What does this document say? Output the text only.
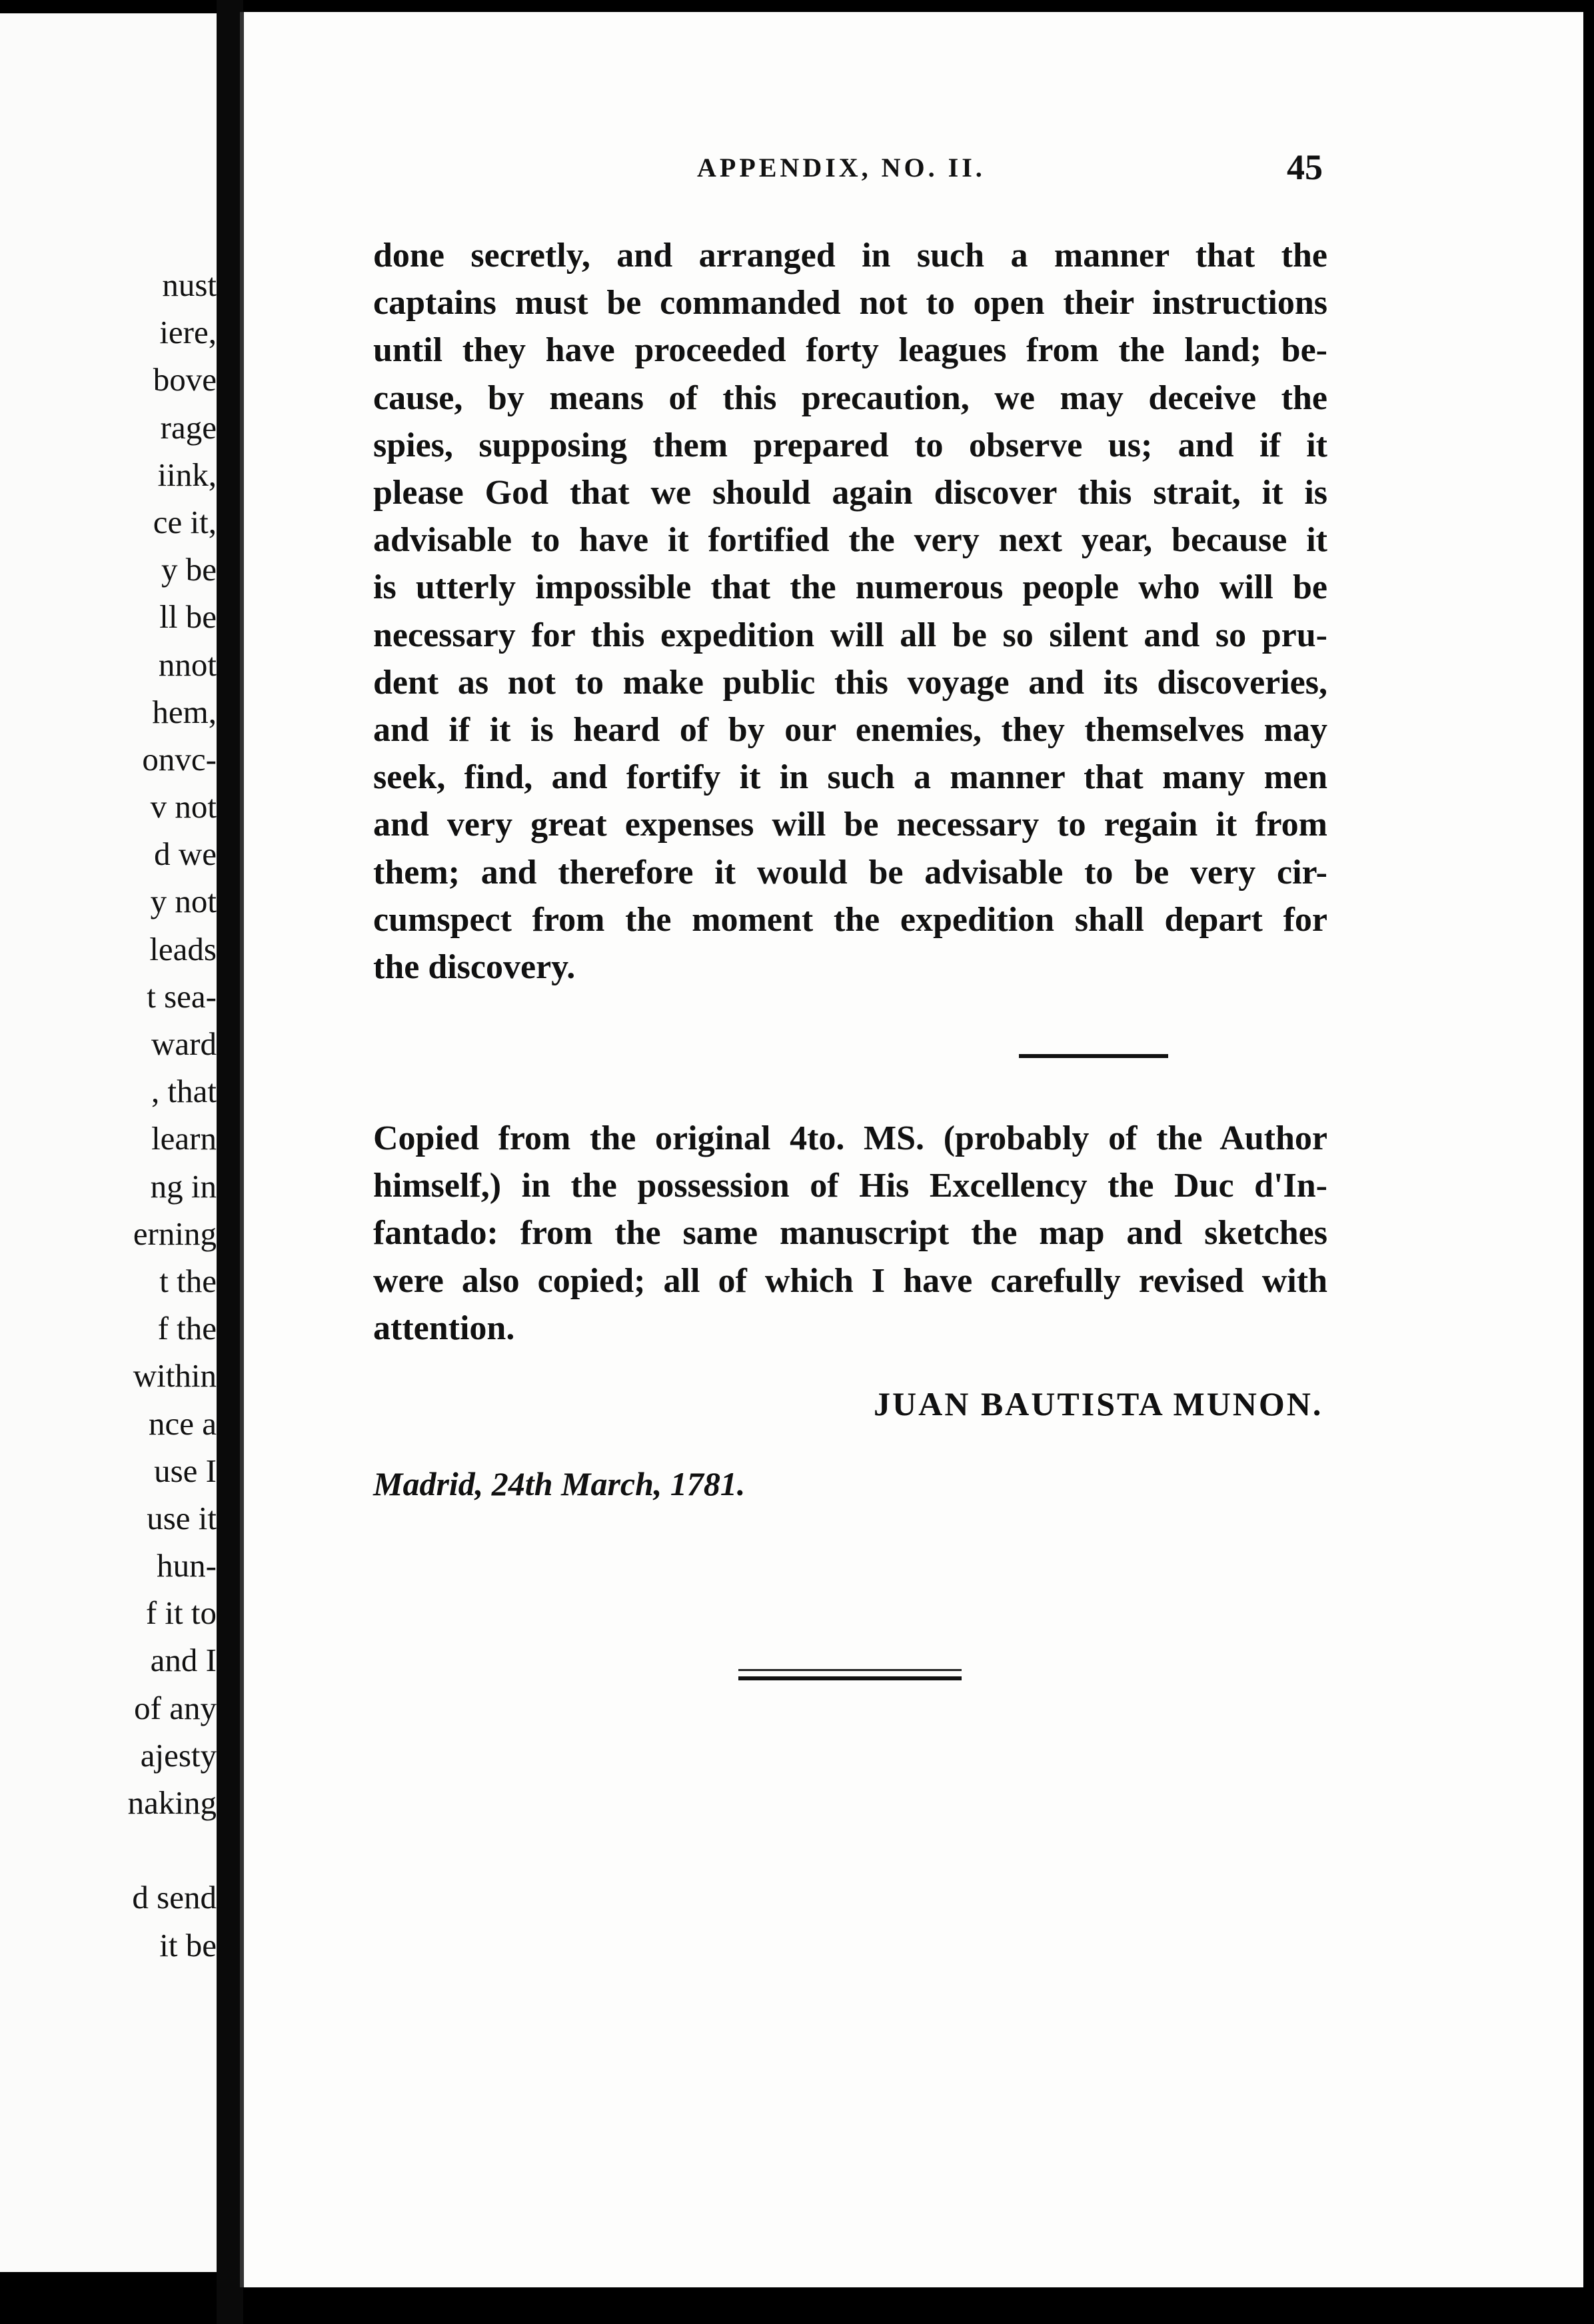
nust
iere,
bove
rage
iink,
ce it,
y be
ll be
nnot
hem,
onvc-
v not
d we
y not
leads
t sea-
ward
, that
learn
ng in
erning
t the
f the
within
nce a
use I
use it
hun-
f it to
and I
of any
ajesty
naking

d send
it be
APPENDIX, NO. II.	45
done secretly, and arranged in such a manner that the
captains must be commanded not to open their instructions
until they have proceeded forty leagues from the land; be-
cause, by means of this precaution, we may deceive the
spies, supposing them prepared to observe us; and if it
please God that we should again discover this strait, it is
advisable to have it fortified the very next year, because it
is utterly impossible that the numerous people who will be
necessary for this expedition will all be so silent and so pru-
dent as not to make public this voyage and its discoveries,
and if it is heard of by our enemies, they themselves may
seek, find, and fortify it in such a manner that many men
and very great expenses will be necessary to regain it from
them; and therefore it would be advisable to be very cir-
cumspect from the moment the expedition shall depart for
the discovery.
Copied from the original 4to. MS. (probably of the Author
himself,) in the possession of His Excellency the Duc d'In-
fantado: from the same manuscript the map and sketches
were also copied; all of which I have carefully revised with
attention.
JUAN BAUTISTA MUNON.
Madrid, 24th March, 1781.
